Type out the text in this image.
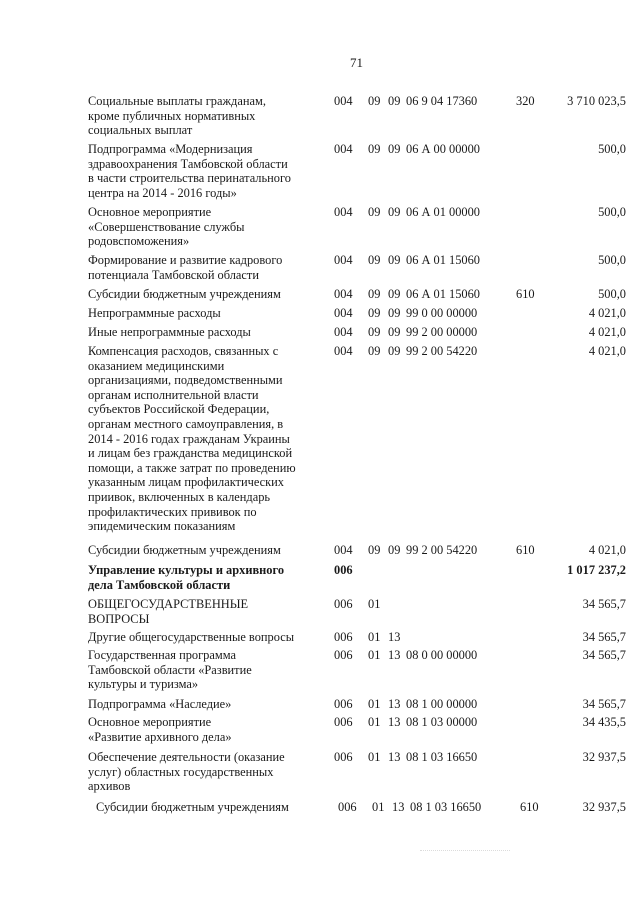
71
Социальные выплаты гражданам,
кроме публичных нормативных
социальных выплат
004 09 09 06 9 04 17360	320	3 710 023,5
Подпрограмма «Модернизация
здравоохранения Тамбовской области
в части строительства перинатального
центра на 2014 - 2016 годы»
004 09 09 06 А 00 00000	500,0
Основное мероприятие
«Совершенствование службы
родовспоможения»
004 09 09 06 А 01 00000	500,0
Формирование и развитие кадрового
потенциала Тамбовской области
004 09 09 06 А 01 15060	500,0
Субсидии бюджетным учреждениям	004 09 09 06 А 01 15060	610	500,0
Непрограммные расходы	004 09 09 99 0 00 00000	4 021,0
Иные непрограммные расходы	004 09 09 99 2 00 00000	4 021,0
Компенсация расходов, связанных с
оказанием медицинскими
организациями, подведомственными
органам исполнительной власти
субъектов Российской Федерации,
органам местного самоуправления, в
2014 - 2016 годах гражданам Украины
и лицам без гражданства медицинской
помощи, а также затрат по проведению
указанным лицам профилактических
приивок, включенных в календарь
профилактических прививок по
эпидемическим показаниям
004 09 09 99 2 00 54220	4 021,0
Субсидии бюджетным учреждениям	004 09 09 99 2 00 54220	610	4 021,0
Управление культуры и архивного
дела Тамбовской области
006	1 017 237,2
ОБЩЕГОСУДАРСТВЕННЫЕ
ВОПРОСЫ
006 01	34 565,7
Другие общегосударственные вопросы	006 01 13	34 565,7
Государственная программа
Тамбовской области «Развитие
культуры и туризма»
006 01 13 08 0 00 00000	34 565,7
Подпрограмма «Наследие»	006 01 13 08 1 00 00000	34 565,7
Основное мероприятие
«Развитие архивного дела»
006 01 13 08 1 03 00000	34 435,5
Обеспечение деятельности (оказание
услуг) областных государственных
архивов
006 01 13 08 1 03 16650	32 937,5
Субсидии бюджетным учреждениям	006 01 13 08 1 03 16650	610	32 937,5
